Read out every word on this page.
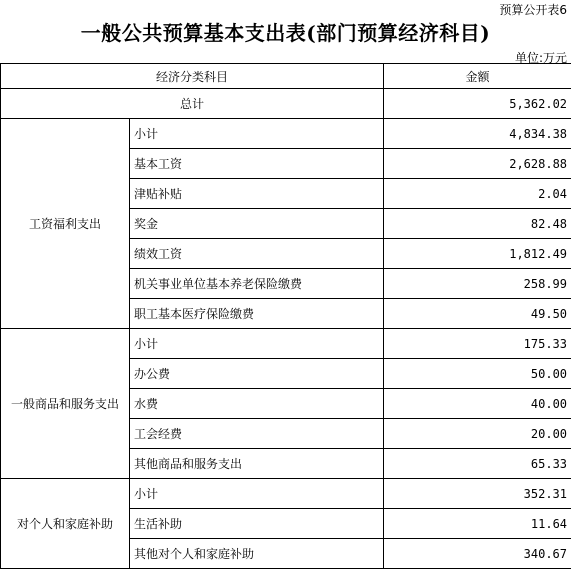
预算公开表6
一般公共预算基本支出表(部门预算经济科目)
单位:万元
经济分类科目		金额
总计		5,362.02
工资福利支出	小计	4,834.38
	基本工资	2,628.88
	津贴补贴	2.04
	奖金	82.48
	绩效工资	1,812.49
	机关事业单位基本养老保险缴费	258.99
	职工基本医疗保险缴费	49.50
一般商品和服务支出	小计	175.33
	办公费	50.00
	水费	40.00
	工会经费	20.00
	其他商品和服务支出	65.33
对个人和家庭补助	小计	352.31
	生活补助	11.64
	其他对个人和家庭补助	340.67
